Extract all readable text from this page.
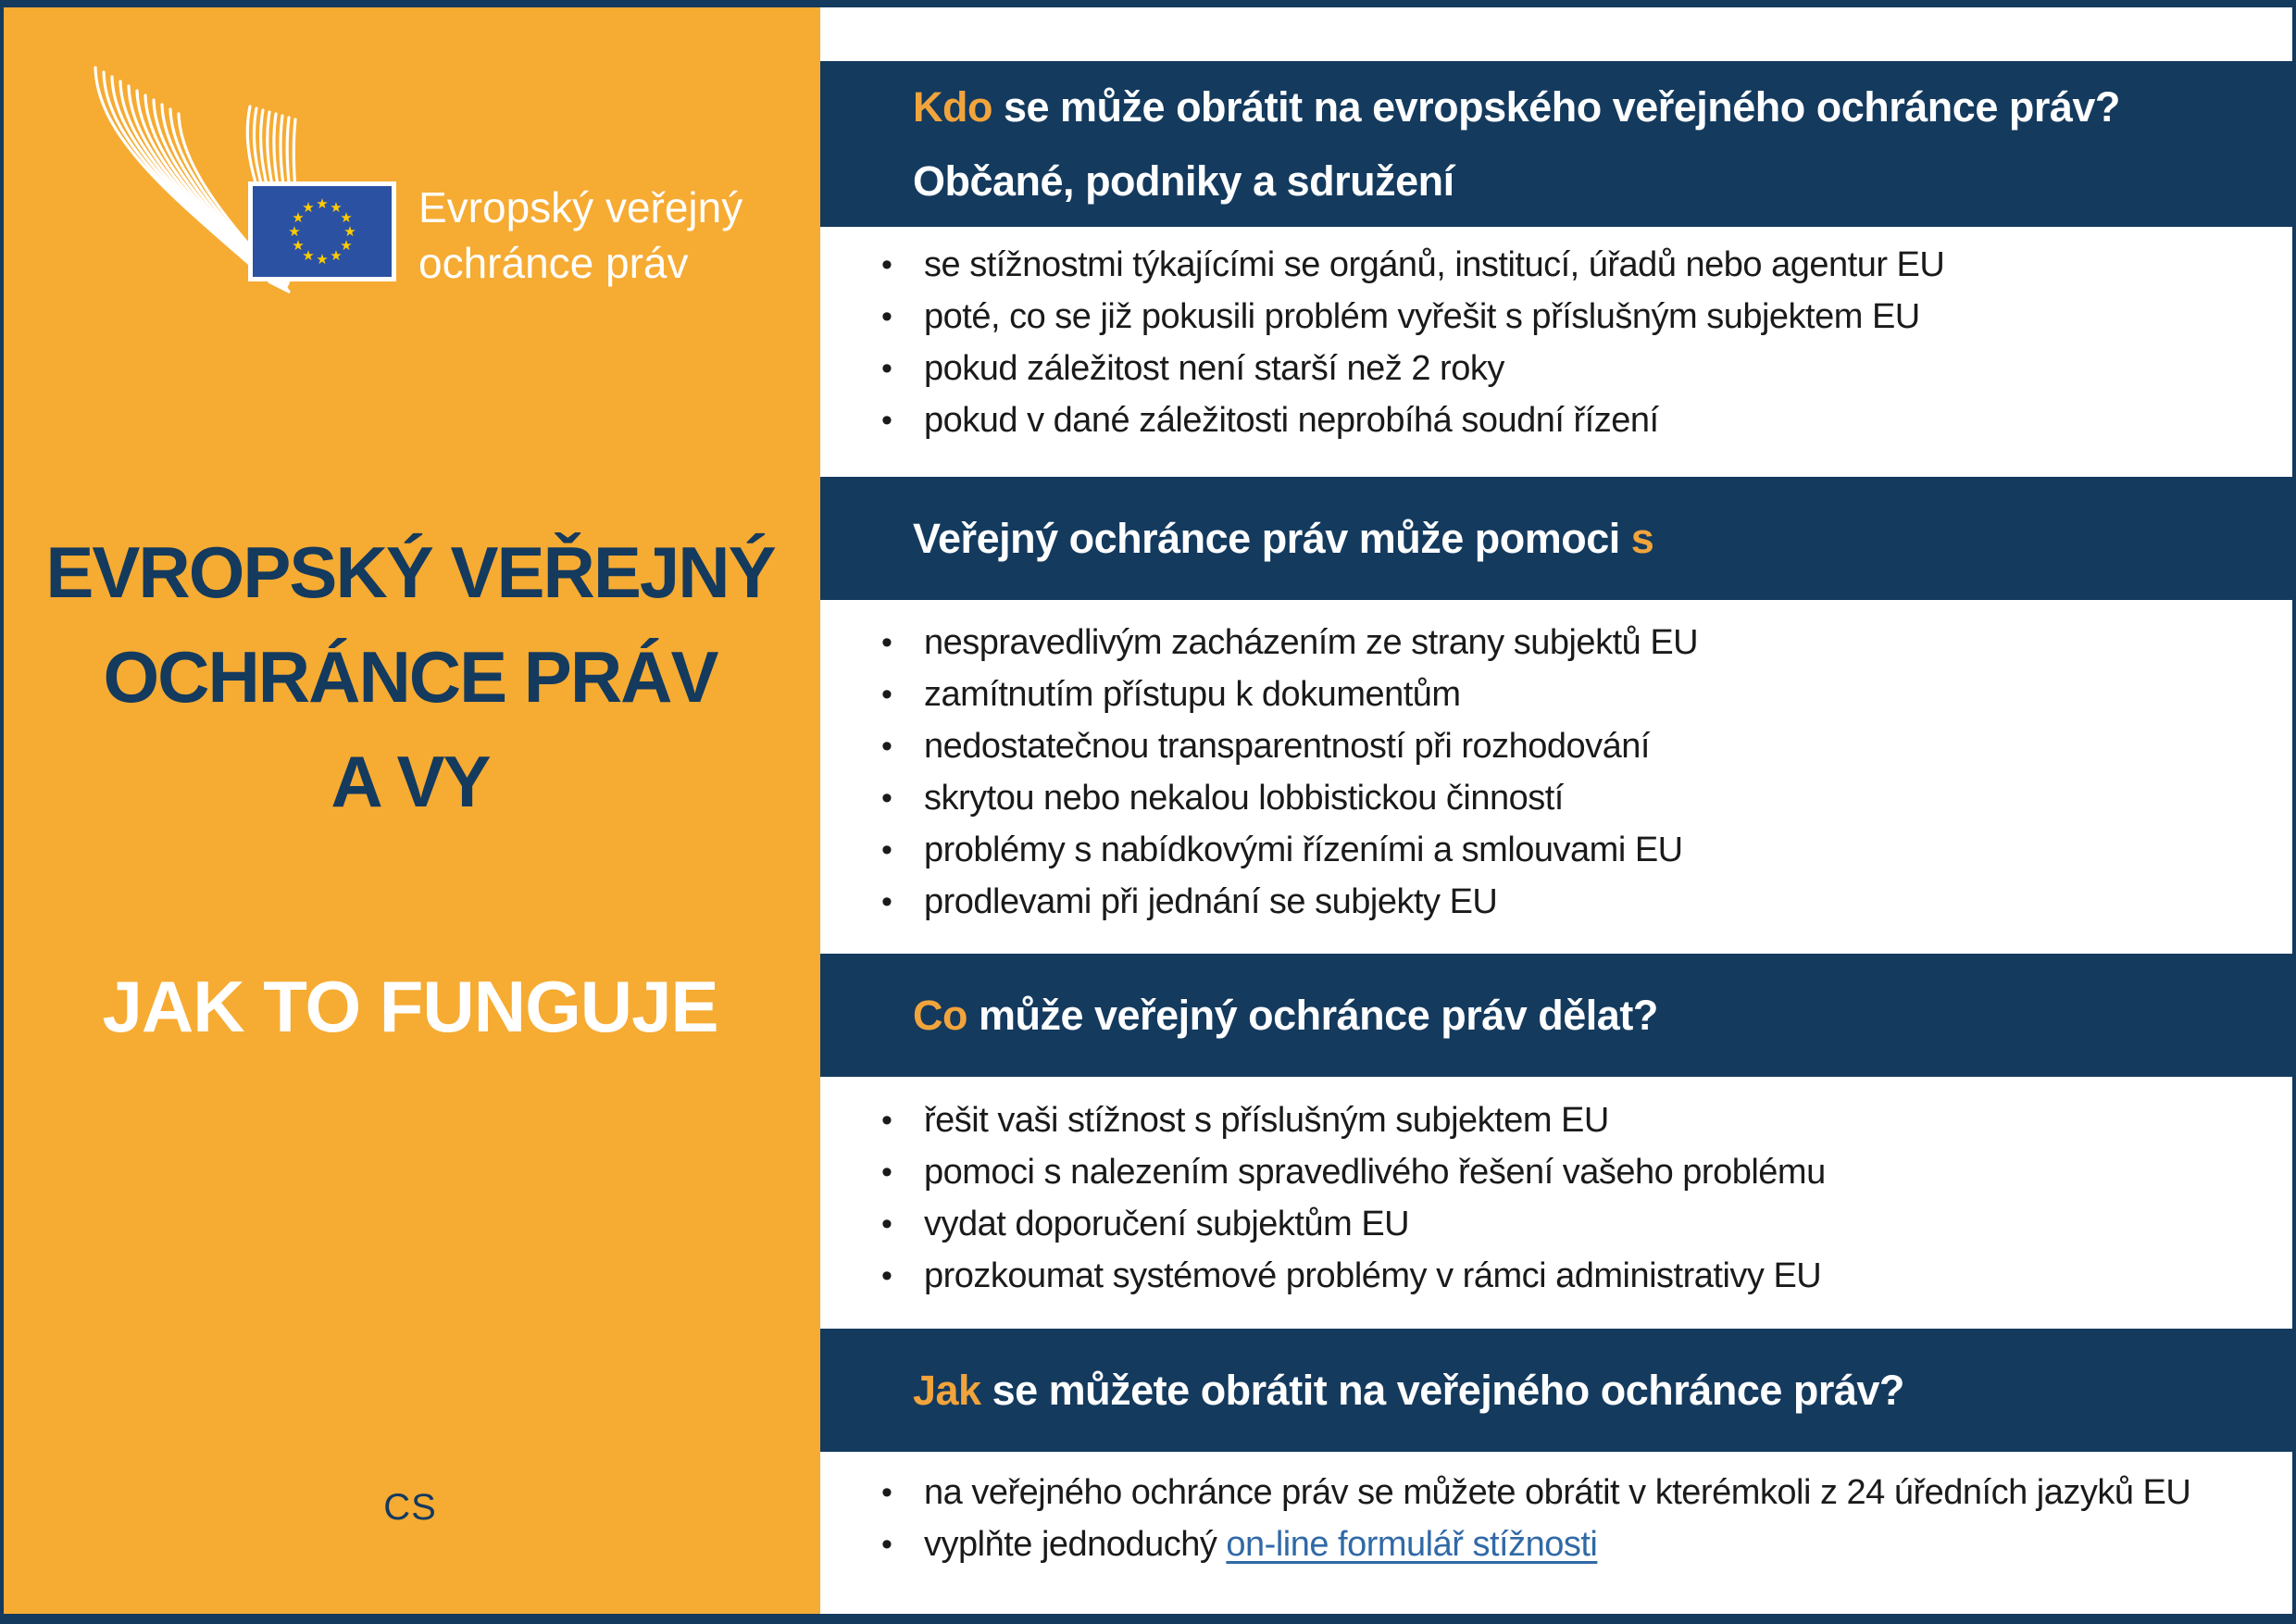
★ ★
★
★
★
★
★
★
★
★
★
★ Evropský veřejný
ochránce práv
EVROPSKÝ VEŘEJNÝ
OCHRÁNCE PRÁV
A VY
JAK TO FUNGUJE
CS
Kdo se může obrátit na evropského veřejného ochránce práv?
Občané, podniky a sdružení
• se stížnostmi týkajícími se orgánů, institucí, úřadů nebo agentur EU
• poté, co se již pokusili problém vyřešit s příslušným subjektem EU
• pokud záležitost není starší než 2 roky
• pokud v dané záležitosti neprobíhá soudní řízení
Veřejný ochránce práv může pomoci s
• nespravedlivým zacházením ze strany subjektů EU
• zamítnutím přístupu k dokumentům
• nedostatečnou transparentností při rozhodování
• skrytou nebo nekalou lobbistickou činností
• problémy s nabídkovými řízeními a smlouvami EU
• prodlevami při jednání se subjekty EU
Co může veřejný ochránce práv dělat?
• řešit vaši stížnost s příslušným subjektem EU
• pomoci s nalezením spravedlivého řešení vašeho problému
• vydat doporučení subjektům EU
• prozkoumat systémové problémy v rámci administrativy EU
Jak se můžete obrátit na veřejného ochránce práv?
• na veřejného ochránce práv se můžete obrátit v kterémkoli z 24 úředních jazyků EU
• vyplňte jednoduchý on-line formulář stížnosti
